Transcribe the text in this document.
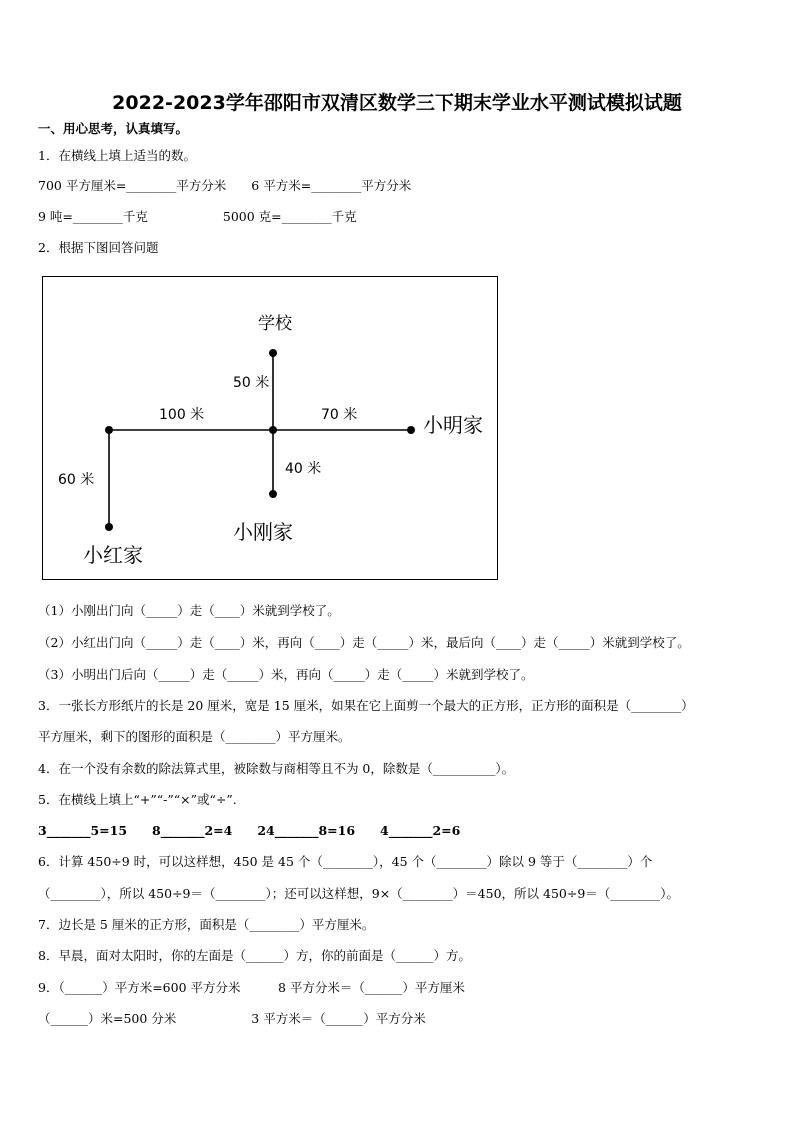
2022-2023学年邵阳市双清区数学三下期末学业水平测试模拟试题
一、用心思考，认真填写。
1．在横线上填上适当的数。
700 平方厘米=________平方分米　　6 平方米=________平方分米
9 吨=________千克　　　　　　5000 克=________千克
2．根据下图回答问题
学校
小明家
小刚家
小红家
50 米
100 米	70 米
40 米
60 米
（1）小刚出门向（_____）走（____）米就到学校了。
（2）小红出门向（_____）走（____）米，再向（____）走（_____）米，最后向（____）走（_____）米就到学校了。
（3）小明出门后向（_____）走（_____）米，再向（_____）走（_____）米就到学校了。
3．一张长方形纸片的长是 20 厘米，宽是 15 厘米，如果在它上面剪一个最大的正方形，正方形的面积是（________）
平方厘米，剩下的图形的面积是（________）平方厘米。
4．在一个没有余数的除法算式里，被除数与商相等且不为 0，除数是（__________）。
5．在横线上填上“+”“-”“×”或“÷”.
3_______5=15　　8_______2=4　　24_______8=16　　4_______2=6
6．计算 450÷9 时，可以这样想，450 是 45 个（________），45 个（________）除以 9 等于（________）个
（________），所以 450÷9＝（________）；还可以这样想，9×（________）＝450，所以 450÷9＝（________）。
7．边长是 5 厘米的正方形，面积是（________）平方厘米。
8．早晨，面对太阳时，你的左面是（______）方，你的前面是（______）方。
9．（______）平方米=600 平方分米　　　8 平方分米＝（______）平方厘米
（______）米=500 分米　　　　　　3 平方米＝（______）平方分米
